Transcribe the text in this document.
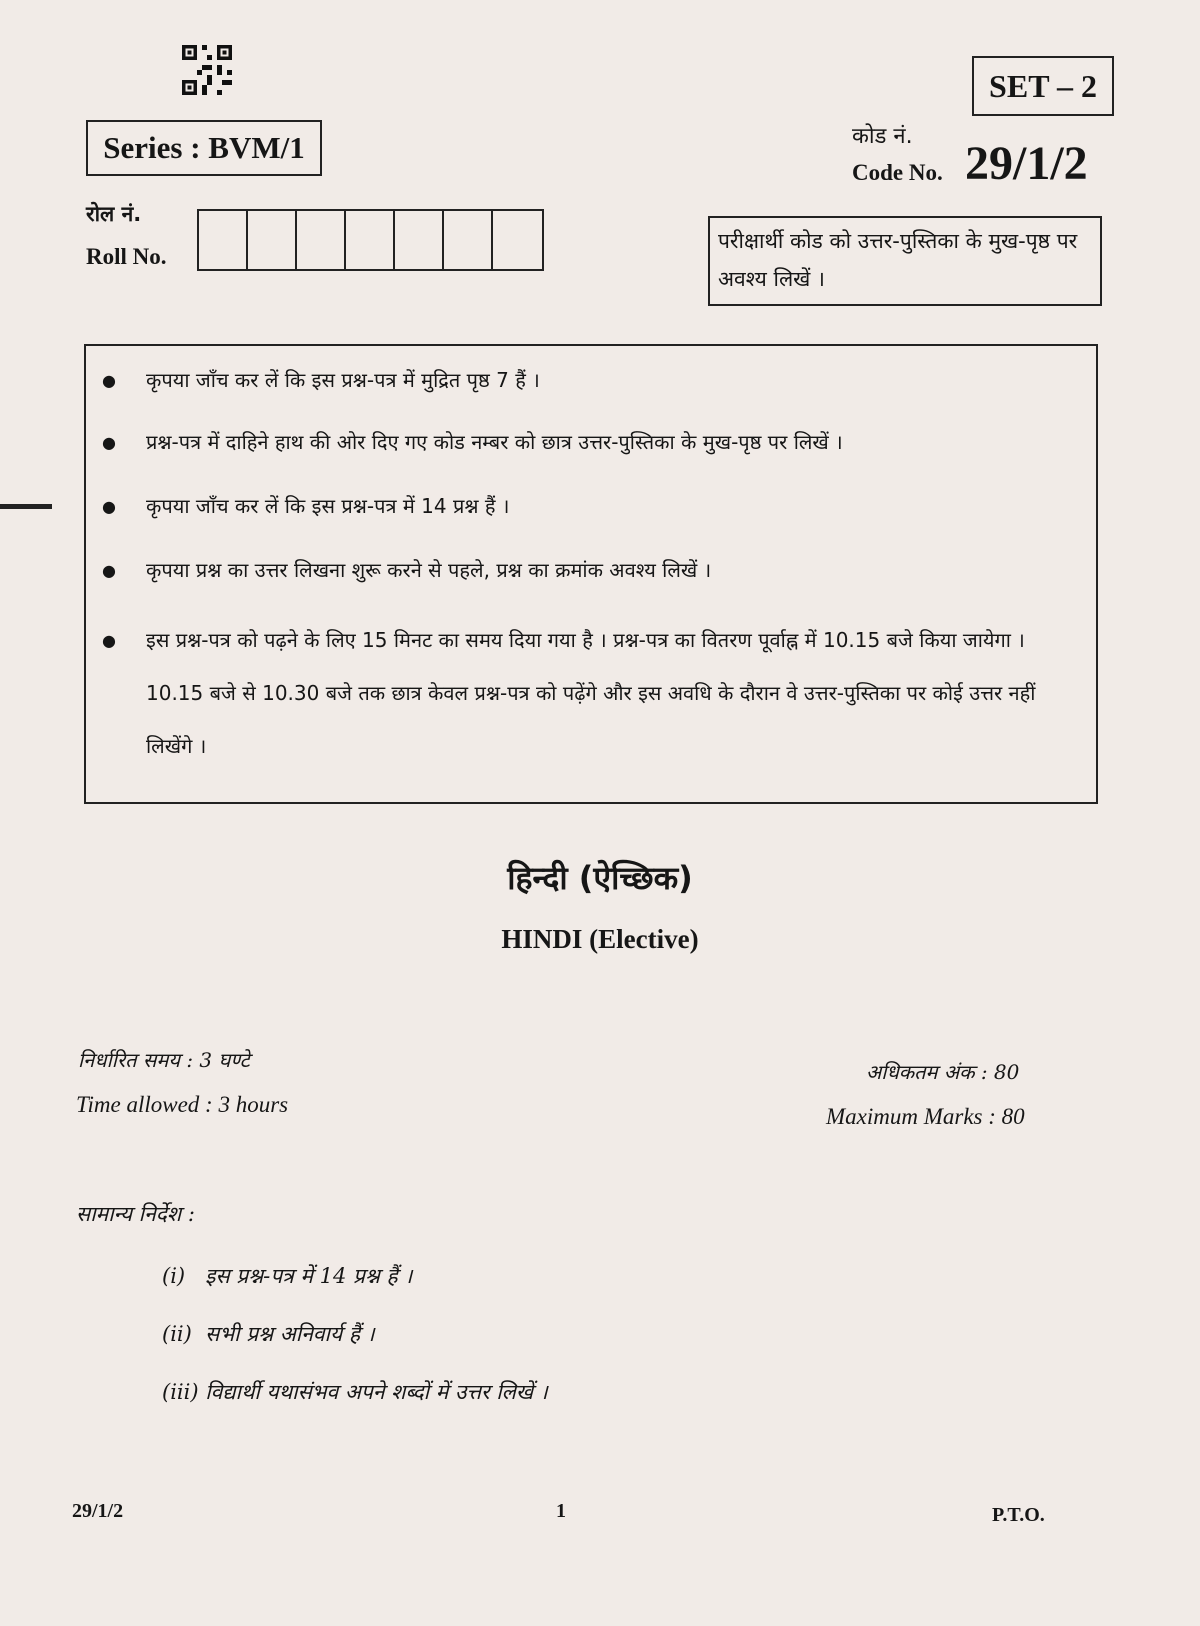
SET – 2
Series : BVM/1	कोड नं.
Code No. 29/1/2
रोल नं.
Roll No.
परीक्षार्थी कोड को उत्तर-पुस्तिका के मुख-पृष्ठ पर अवश्य लिखें ।
● कृपया जाँच कर लें कि इस प्रश्न-पत्र में मुद्रित पृष्ठ 7 हैं ।
● प्रश्न-पत्र में दाहिने हाथ की ओर दिए गए कोड नम्बर को छात्र उत्तर-पुस्तिका के मुख-पृष्ठ पर लिखें ।
● कृपया जाँच कर लें कि इस प्रश्न-पत्र में 14 प्रश्न हैं ।
● कृपया प्रश्न का उत्तर लिखना शुरू करने से पहले, प्रश्न का क्रमांक अवश्य लिखें ।
● इस प्रश्न-पत्र को पढ़ने के लिए 15 मिनट का समय दिया गया है । प्रश्न-पत्र का वितरण पूर्वाह्न में 10.15 बजे किया जायेगा । 10.15 बजे से 10.30 बजे तक छात्र केवल प्रश्न-पत्र को पढ़ेंगे और इस अवधि के दौरान वे उत्तर-पुस्तिका पर कोई उत्तर नहीं लिखेंगे ।
हिन्दी (ऐच्छिक)
HINDI (Elective)
निर्धारित समय : 3 घण्टे
Time allowed : 3 hours
अधिकतम अंक : 80
Maximum Marks : 80
सामान्य निर्देश :
(i)   इस प्रश्न-पत्र में 14 प्रश्न हैं ।
(ii)  सभी प्रश्न अनिवार्य हैं ।
(iii) विद्यार्थी यथासंभव अपने शब्दों में उत्तर लिखें ।
29/1/2	1	P.T.O.
